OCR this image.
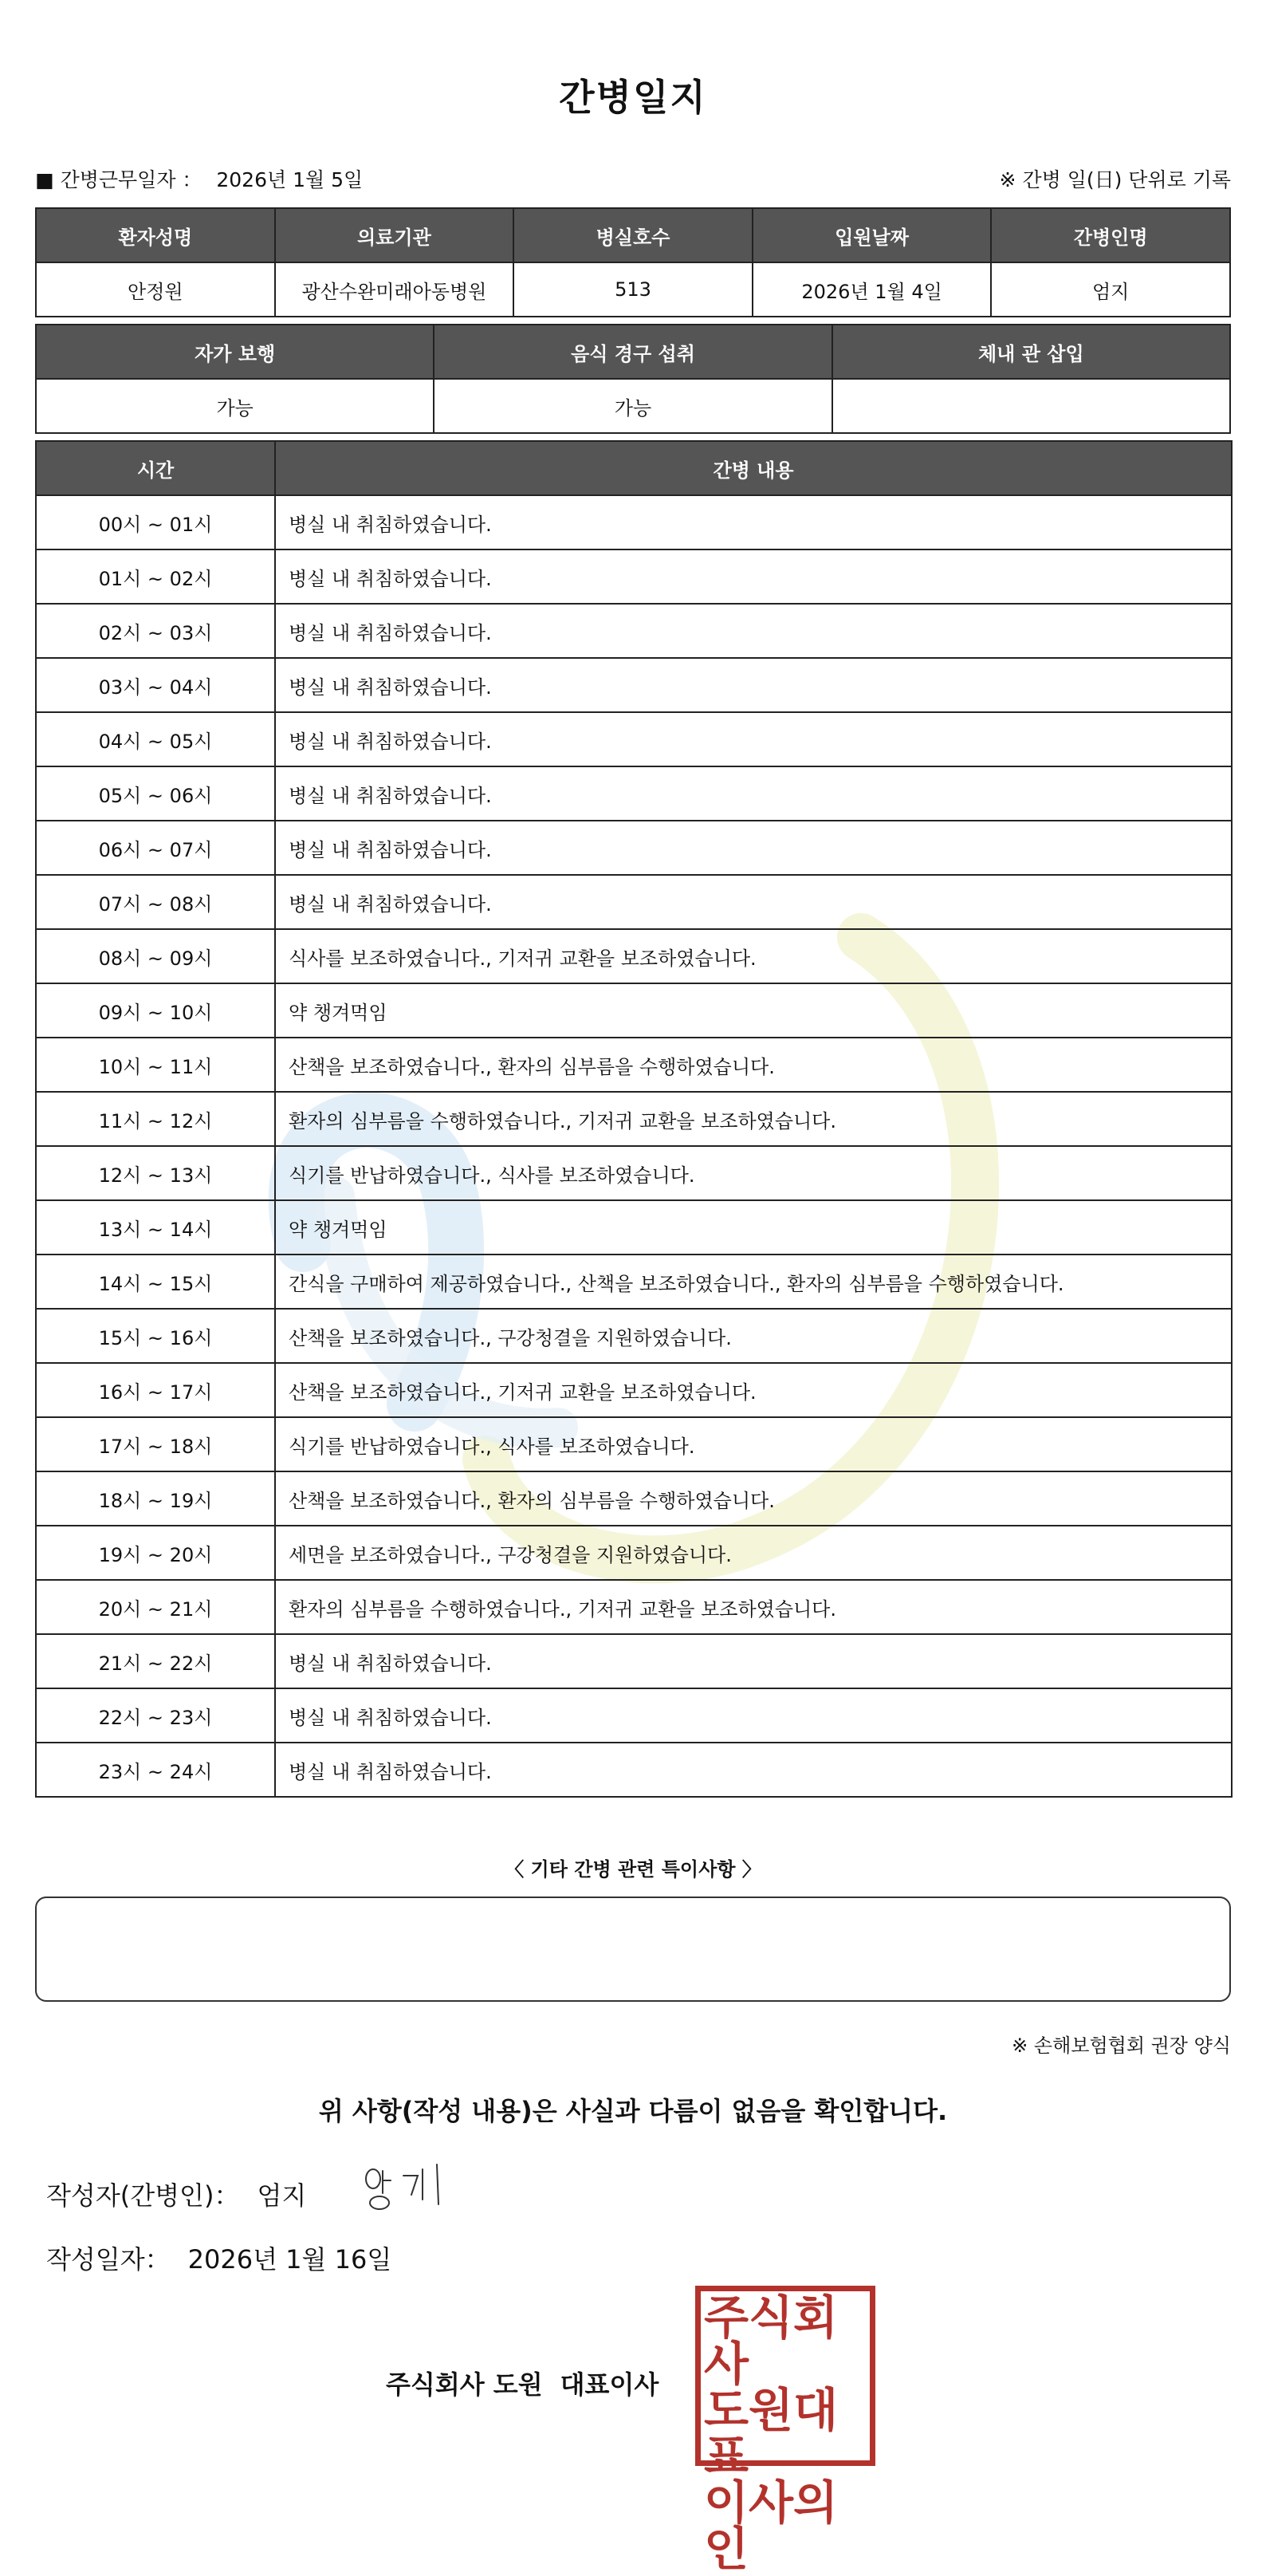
간병일지
■ 간병근무일자 ： 2026년 1월 5일	※ 간병 일(日) 단위로 기록
환자성명	의료기관	병실호수	입원날짜	간병인명
안정원	광산수완미래아동병원	513	2026년 1월 4일	엄지
자가 보행	음식 경구 섭취	체내 관 삽입
가능	가능	
시간	간병 내용
00시 ~ 01시	병실 내 취침하였습니다.
01시 ~ 02시	병실 내 취침하였습니다.
02시 ~ 03시	병실 내 취침하였습니다.
03시 ~ 04시	병실 내 취침하였습니다.
04시 ~ 05시	병실 내 취침하였습니다.
05시 ~ 06시	병실 내 취침하였습니다.
06시 ~ 07시	병실 내 취침하였습니다.
07시 ~ 08시	병실 내 취침하였습니다.
08시 ~ 09시	식사를 보조하였습니다., 기저귀 교환을 보조하였습니다.
09시 ~ 10시	약 챙겨먹임
10시 ~ 11시	산책을 보조하였습니다., 환자의 심부름을 수행하였습니다.
11시 ~ 12시	환자의 심부름을 수행하였습니다., 기저귀 교환을 보조하였습니다.
12시 ~ 13시	식기를 반납하였습니다., 식사를 보조하였습니다.
13시 ~ 14시	약 챙겨먹임
14시 ~ 15시	간식을 구매하여 제공하였습니다., 산책을 보조하였습니다., 환자의 심부름을 수행하였습니다.
15시 ~ 16시	산책을 보조하였습니다., 구강청결을 지원하였습니다.
16시 ~ 17시	산책을 보조하였습니다., 기저귀 교환을 보조하였습니다.
17시 ~ 18시	식기를 반납하였습니다., 식사를 보조하였습니다.
18시 ~ 19시	산책을 보조하였습니다., 환자의 심부름을 수행하였습니다.
19시 ~ 20시	세면을 보조하였습니다., 구강청결을 지원하였습니다.
20시 ~ 21시	환자의 심부름을 수행하였습니다., 기저귀 교환을 보조하였습니다.
21시 ~ 22시	병실 내 취침하였습니다.
22시 ~ 23시	병실 내 취침하였습니다.
23시 ~ 24시	병실 내 취침하였습니다.
〈 기타 간병 관련 특이사항 〉
※ 손해보험협회 권장 양식
위 사항(작성 내용)은 사실과 다름이 없음을 확인합니다.
작성자(간병인)： 엄지
작성일자： 2026년 1월 16일
주식회사 도원 대표이사
주식회사
도원대표
이사의인
